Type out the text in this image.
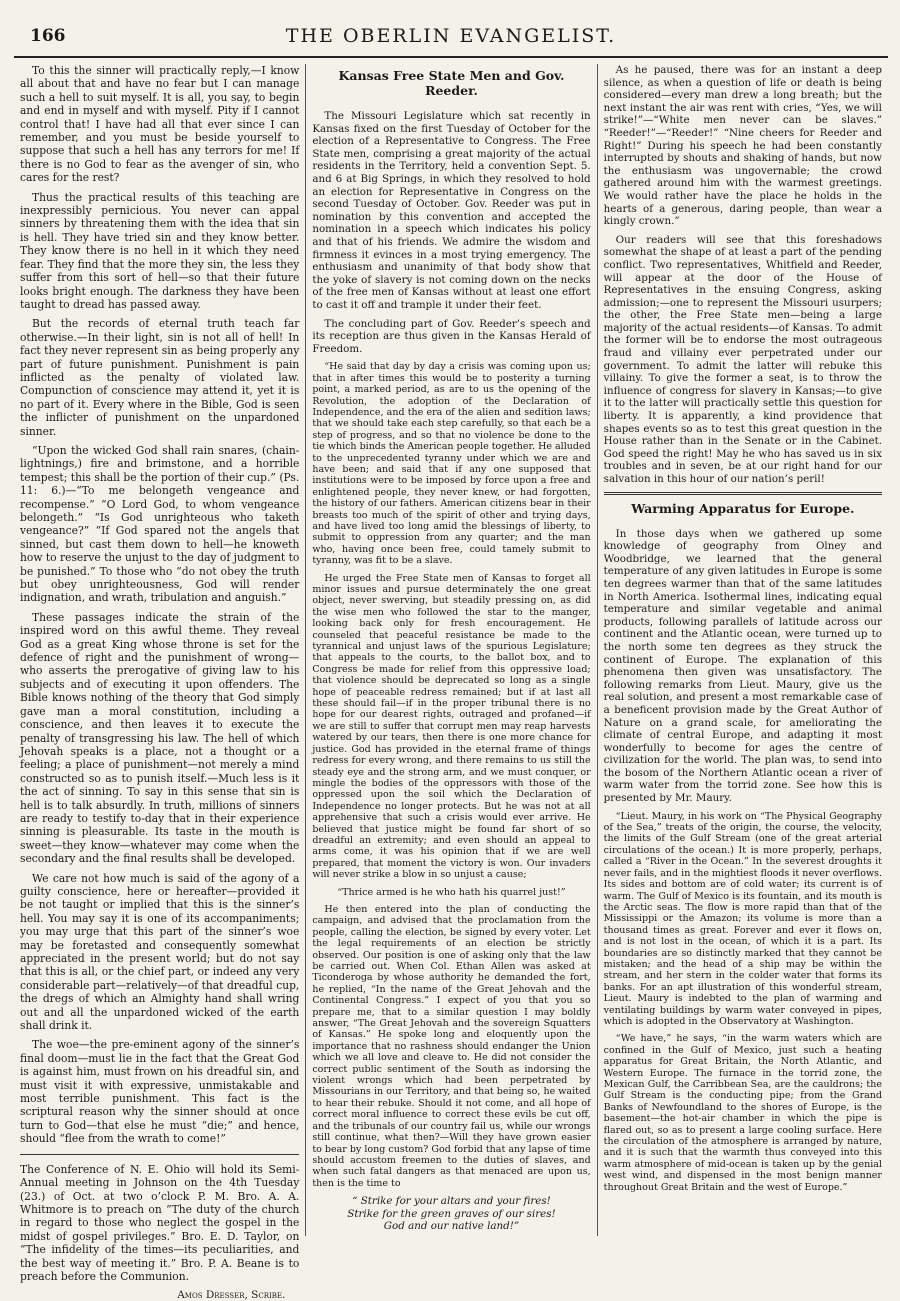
166	THE OBERLIN EVANGELIST.

To this the sinner will practically reply,—I know all about that and have no fear but I can manage such a hell to suit myself. It is all, you say, to begin and end in myself and with myself. Pity if I cannot control that! I have had all that ever since I can remember, and you must be beside yourself to suppose that such a hell has any terrors for me! If there is no God to fear as the avenger of sin, who cares for the rest?

Thus the practical results of this teaching are inexpressibly pernicious. You never can appal sinners by threatening them with the idea that sin is hell. They have tried sin and they know better. They know there is no hell in it which they need fear. They find that the more they sin, the less they suffer from this sort of hell—so that their future looks bright enough. The darkness they have been taught to dread has passed away.

But the records of eternal truth teach far otherwise.—In their light, sin is not all of hell! In fact they never represent sin as being properly any part of future punishment. Punishment is pain inflicted as the penalty of violated law. Compunction of conscience may attend it, yet it is no part of it. Every where in the Bible, God is seen the inflicter of punishment on the unpardoned sinner.

“Upon the wicked God shall rain snares, (chain-lightnings,) fire and brimstone, and a horrible tempest; this shall be the portion of their cup.” (Ps. 11: 6.)—“To me belongeth vengeance and recompense.” “O Lord God, to whom vengeance belongeth.” “Is God unrighteous who taketh vengeance?” “If God spared not the angels that sinned, but cast them down to hell—he knoweth how to reserve the unjust to the day of judgment to be punished.” To those who “do not obey the truth but obey unrighteousness, God will render indignation, and wrath, tribulation and anguish.”

These passages indicate the strain of the inspired word on this awful theme. They reveal God as a great King whose throne is set for the defence of right and the punishment of wrong—who asserts the prerogative of giving law to his subjects and of executing it upon offenders. The Bible knows nothing of the theory that God simply gave man a moral constitution, including a conscience, and then leaves it to execute the penalty of transgressing his law. The hell of which Jehovah speaks is a place, not a thought or a feeling; a place of punishment—not merely a mind constructed so as to punish itself.—Much less is it the act of sinning. To say in this sense that sin is hell is to talk absurdly. In truth, millions of sinners are ready to testify to-day that in their experience sinning is pleasurable. Its taste in the mouth is sweet—they know—whatever may come when the secondary and the final results shall be developed.

We care not how much is said of the agony of a guilty conscience, here or hereafter—provided it be not taught or implied that this is the sinner’s hell. You may say it is one of its accompaniments; you may urge that this part of the sinner’s woe may be foretasted and consequently somewhat appreciated in the present world; but do not say that this is all, or the chief part, or indeed any very considerable part—relatively—of that dreadful cup, the dregs of which an Almighty hand shall wring out and all the unpardoned wicked of the earth shall drink it.

The woe—the pre-eminent agony of the sinner’s final doom—must lie in the fact that the Great God is against him, must frown on his dreadful sin, and must visit it with expressive, unmistakable and most terrible punishment. This fact is the scriptural reason why the sinner should at once turn to God—that else he must “die;” and hence, should “flee from the wrath to come!”

The Conference of N. E. Ohio will hold its Semi-Annual meeting in Johnson on the 4th Tuesday (23.) of Oct. at two o’clock P. M. Bro. A. A. Whitmore is to preach on “The duty of the church in regard to those who neglect the gospel in the midst of gospel privileges.” Bro. E. D. Taylor, on “The infidelity of the times—its peculiarities, and the best way of meeting it.” Bro. P. A. Beane is to preach before the Communion.

Amos Dresser, Scribe.
Kansas Free State Men and Gov. Reeder.

The Missouri Legislature which sat recently in Kansas fixed on the first Tuesday of October for the election of a Representative to Congress. The Free State men, comprising a great majority of the actual residents in the Territory, held a convention Sept. 5. and 6 at Big Springs, in which they resolved to hold an election for Representative in Congress on the second Tuesday of October. Gov. Reeder was put in nomination by this convention and accepted the nomination in a speech which indicates his policy and that of his friends. We admire the wisdom and firmness it evinces in a most trying emergency. The enthusiasm and unanimity of that body show that the yoke of slavery is not coming down on the necks of the free men of Kansas without at least one effort to cast it off and trample it under their feet.

The concluding part of Gov. Reeder’s speech and its reception are thus given in the Kansas Herald of Freedom.

“He said that day by day a crisis was coming upon us; that in after times this would be to posterity a turning point, a marked period, as are to us the opening of the Revolution, the adoption of the Declaration of Independence, and the era of the alien and sedition laws; that we should take each step carefully, so that each be a step of progress, and so that no violence be done to the tie which binds the American people together. He alluded to the unprecedented tyranny under which we are and have been; and said that if any one supposed that institutions were to be imposed by force upon a free and enlightened people, they never knew, or had forgotten, the history of our fathers. American citizens bear in their breasts too much of the spirit of other and trying days, and have lived too long amid the blessings of liberty, to submit to oppression from any quarter; and the man who, having once been free, could tamely submit to tyranny, was fit to be a slave.

He urged the Free State men of Kansas to forget all minor issues and pursue determinately the one great object, never swerving, but steadily pressing on, as did the wise men who followed the star to the manger, looking back only for fresh encouragement. He counseled that peaceful resistance be made to the tyrannical and unjust laws of the spurious Legislature; that appeals to the courts, to the ballot box, and to Congress be made for relief from this oppressive load; that violence should be deprecated so long as a single hope of peaceable redress remained; but if at last all these should fail—if in the proper tribunal there is no hope for our dearest rights, outraged and profaned—if we are still to suffer that corrupt men may reap harvests watered by our tears, then there is one more chance for justice. God has provided in the eternal frame of things redress for every wrong, and there remains to us still the steady eye and the strong arm, and we must conquer, or mingle the bodies of the oppressors with those of the oppressed upon the soil which the Declaration of Independence no longer protects. But he was not at all apprehensive that such a crisis would ever arrive. He believed that justice might be found far short of so dreadful an extremity; and even should an appeal to arms come, it was his opinion that if we are well prepared, that moment the victory is won. Our invaders will never strike a blow in so unjust a cause;

“Thrice armed is he who hath his quarrel just!”

He then entered into the plan of conducting the campaign, and advised that the proclamation from the people, calling the election, be signed by every voter. Let the legal requirements of an election be strictly observed. Our position is one of asking only that the law be carried out. When Col. Ethan Allen was asked at Ticonderoga by whose authority he demanded the fort, he replied, “In the name of the Great Jehovah and the Continental Congress.” I expect of you that you so prepare me, that to a similar question I may boldly answer, “The Great Jehovah and the sovereign Squatters of Kansas.” He spoke long and eloquently upon the importance that no rashness should endanger the Union which we all love and cleave to. He did not consider the correct public sentiment of the South as indorsing the violent wrongs which had been perpetrated by Missourians in our Territory, and that being so, he waited to hear their rebuke. Should it not come, and all hope of correct moral influence to correct these evils be cut off, and the tribunals of our country fail us, while our wrongs still continue, what then?—Will they have grown easier to bear by long custom? God forbid that any lapse of time should accustom freemen to the duties of slaves, and when such fatal dangers as that menaced are upon us, then is the time to

“ Strike for your altars and your fires!
Strike for the green graves of our sires!
God and our native land!”

As he paused, there was for an instant a deep silence, as when a question of life or death is being considered—every man drew a long breath; but the next instant the air was rent with cries, “Yes, we will strike!”—“White men never can be slaves.” “Reeder!”—“Reeder!” “Nine cheers for Reeder and Right!” During his speech he had been constantly interrupted by shouts and shaking of hands, but now the enthusiasm was ungovernable; the crowd gathered around him with the warmest greetings. We would rather have the place he holds in the hearts of a generous, daring people, than wear a kingly crown.”

Our readers will see that this foreshadows somewhat the shape of at least a part of the pending conflict. Two representatives, Whitfield and Reeder, will appear at the door of the House of Representatives in the ensuing Congress, asking admission;—one to represent the Missouri usurpers; the other, the Free State men—being a large majority of the actual residents—of Kansas. To admit the former will be to endorse the most outrageous fraud and villainy ever perpetrated under our government. To admit the latter will rebuke this villainy. To give the former a seat, is to throw the influence of congress for slavery in Kansas;—to give it to the latter will practically settle this question for liberty. It is apparently, a kind providence that shapes events so as to test this great question in the House rather than in the Senate or in the Cabinet. God speed the right! May he who has saved us in six troubles and in seven, be at our right hand for our salvation in this hour of our nation’s peril!

Warming Apparatus for Europe.

In those days when we gathered up some knowledge of geography from Olney and Woodbridge, we learned that the general temperature of any given latitudes in Europe is some ten degrees warmer than that of the same latitudes in North America. Isothermal lines, indicating equal temperature and similar vegetable and animal products, following parallels of latitude across our continent and the Atlantic ocean, were turned up to the north some ten degrees as they struck the continent of Europe. The explanation of this phenomena then given was unsatisfactory. The following remarks from Lieut. Maury, give us the real solution, and present a most remarkable case of a beneficent provision made by the Great Author of Nature on a grand scale, for ameliorating the climate of central Europe, and adapting it most wonderfully to become for ages the centre of civilization for the world. The plan was, to send into the bosom of the Northern Atlantic ocean a river of warm water from the torrid zone. See how this is presented by Mr. Maury.

“Lieut. Maury, in his work on “The Physical Geography of the Sea,” treats of the origin, the course, the velocity, the limits of the Gulf Stream (one of the great arterial circulations of the ocean.) It is more properly, perhaps, called a “River in the Ocean.” In the severest droughts it never fails, and in the mightiest floods it never overflows. Its sides and bottom are of cold water; its current is of warm. The Gulf of Mexico is its fountain, and its mouth is the Arctic seas. The flow is more rapid than that of the Mississippi or the Amazon; its volume is more than a thousand times as great. Forever and ever it flows on, and is not lost in the ocean, of which it is a part. Its boundaries are so distinctly marked that they cannot be mistaken; and the head of a ship may be within the stream, and her stern in the colder water that forms its banks. For an apt illustration of this wonderful stream, Lieut. Maury is indebted to the plan of warming and ventilating buildings by warm water conveyed in pipes, which is adopted in the Observatory at Washington.

“We have,” he says, “in the warm waters which are confined in the Gulf of Mexico, just such a heating apparatus for Great Britain, the North Atlantic, and Western Europe. The furnace in the torrid zone, the Mexican Gulf, the Carribbean Sea, are the cauldrons; the Gulf Stream is the conducting pipe; from the Grand Banks of Newfoundland to the shores of Europe, is the basement—the hot-air chamber in which the pipe is flared out, so as to present a large cooling surface. Here the circulation of the atmosphere is arranged by nature, and it is such that the warmth thus conveyed into this warm atmosphere of mid-ocean is taken up by the genial west wind, and dispensed in the most benign manner throughout Great Britain and the west of Europe.”
